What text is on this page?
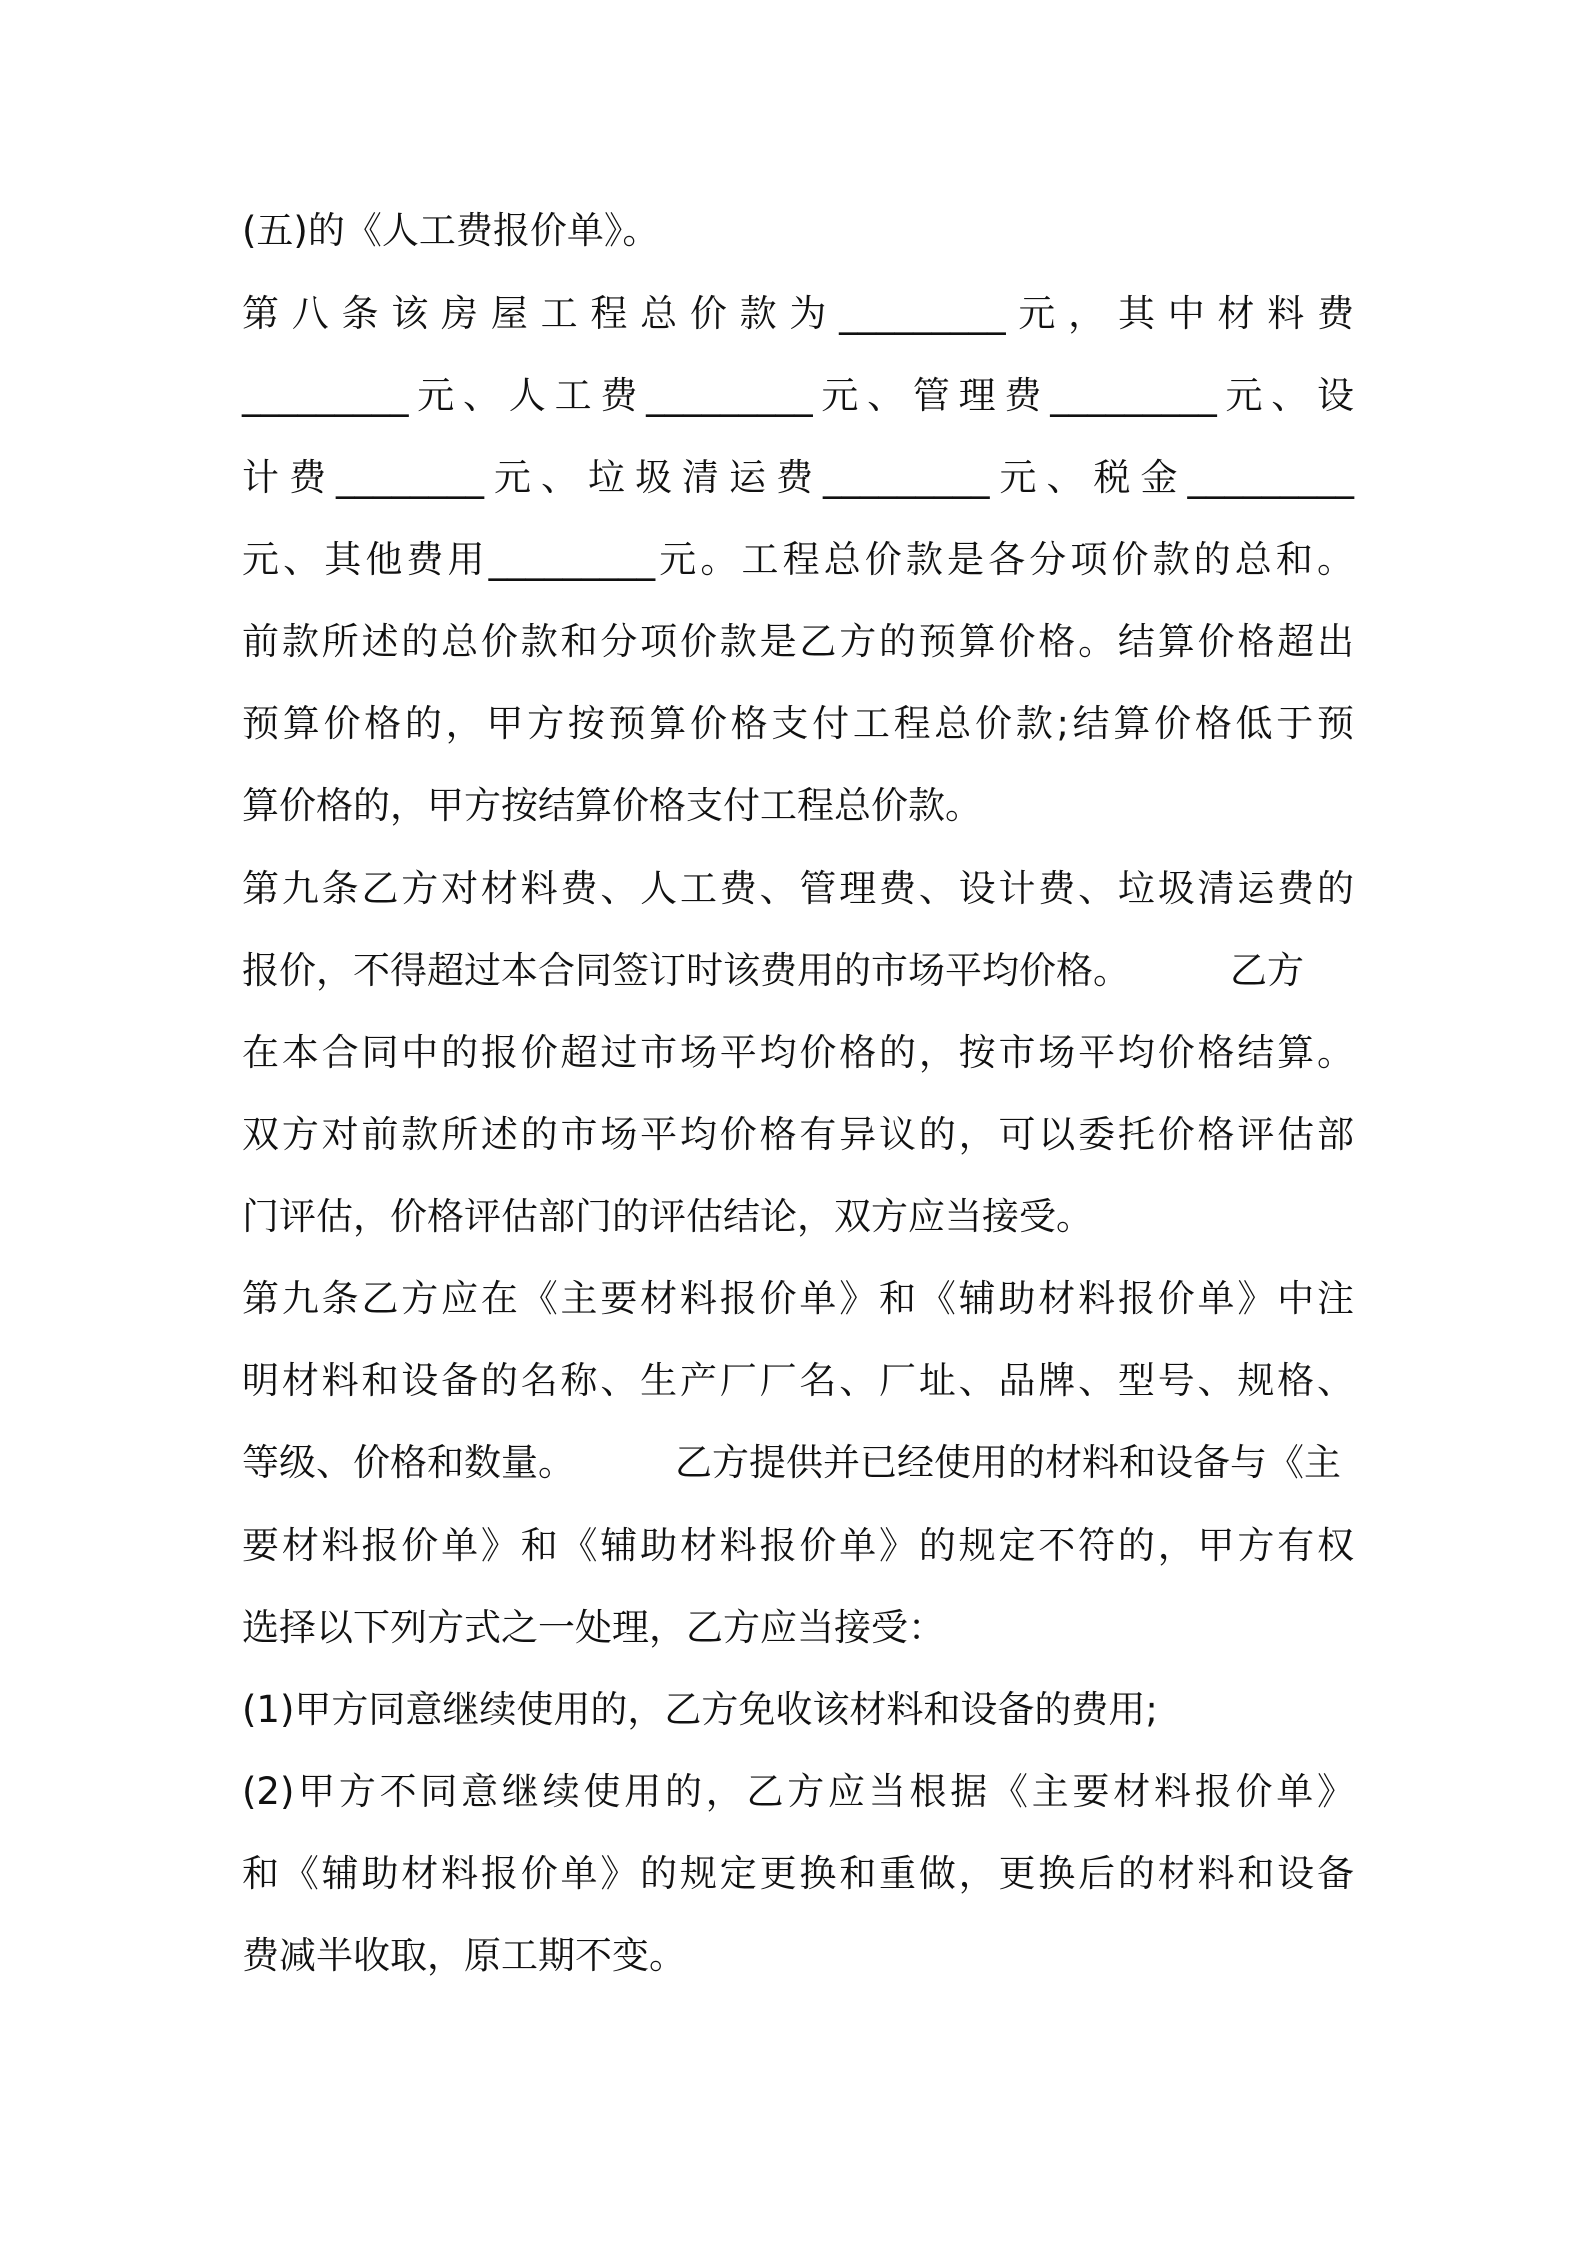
(五)的《人工费报价单》。
第八条该房屋工程总价款为_________元，其中材料费
_________元、人工费_________元、管理费_________元、设
计费________元、垃圾清运费_________元、税金_________
元、其他费用_________元。工程总价款是各分项价款的总和。
前款所述的总价款和分项价款是乙方的预算价格。结算价格超出
预算价格的，甲方按预算价格支付工程总价款;结算价格低于预
算价格的，甲方按结算价格支付工程总价款。
第九条乙方对材料费、人工费、管理费、设计费、垃圾清运费的
报价，不得超过本合同签订时该费用的市场平均价格。	乙方
在本合同中的报价超过市场平均价格的，按市场平均价格结算。
双方对前款所述的市场平均价格有异议的，可以委托价格评估部
门评估，价格评估部门的评估结论，双方应当接受。
第九条乙方应在《主要材料报价单》和《辅助材料报价单》中注
明材料和设备的名称、生产厂厂名、厂址、品牌、型号、规格、
等级、价格和数量。	乙方提供并已经使用的材料和设备与《主
要材料报价单》和《辅助材料报价单》的规定不符的，甲方有权
选择以下列方式之一处理，乙方应当接受：
(1)甲方同意继续使用的，乙方免收该材料和设备的费用;
(2)甲方不同意继续使用的，乙方应当根据《主要材料报价单》
和《辅助材料报价单》的规定更换和重做，更换后的材料和设备
费减半收取，原工期不变。
